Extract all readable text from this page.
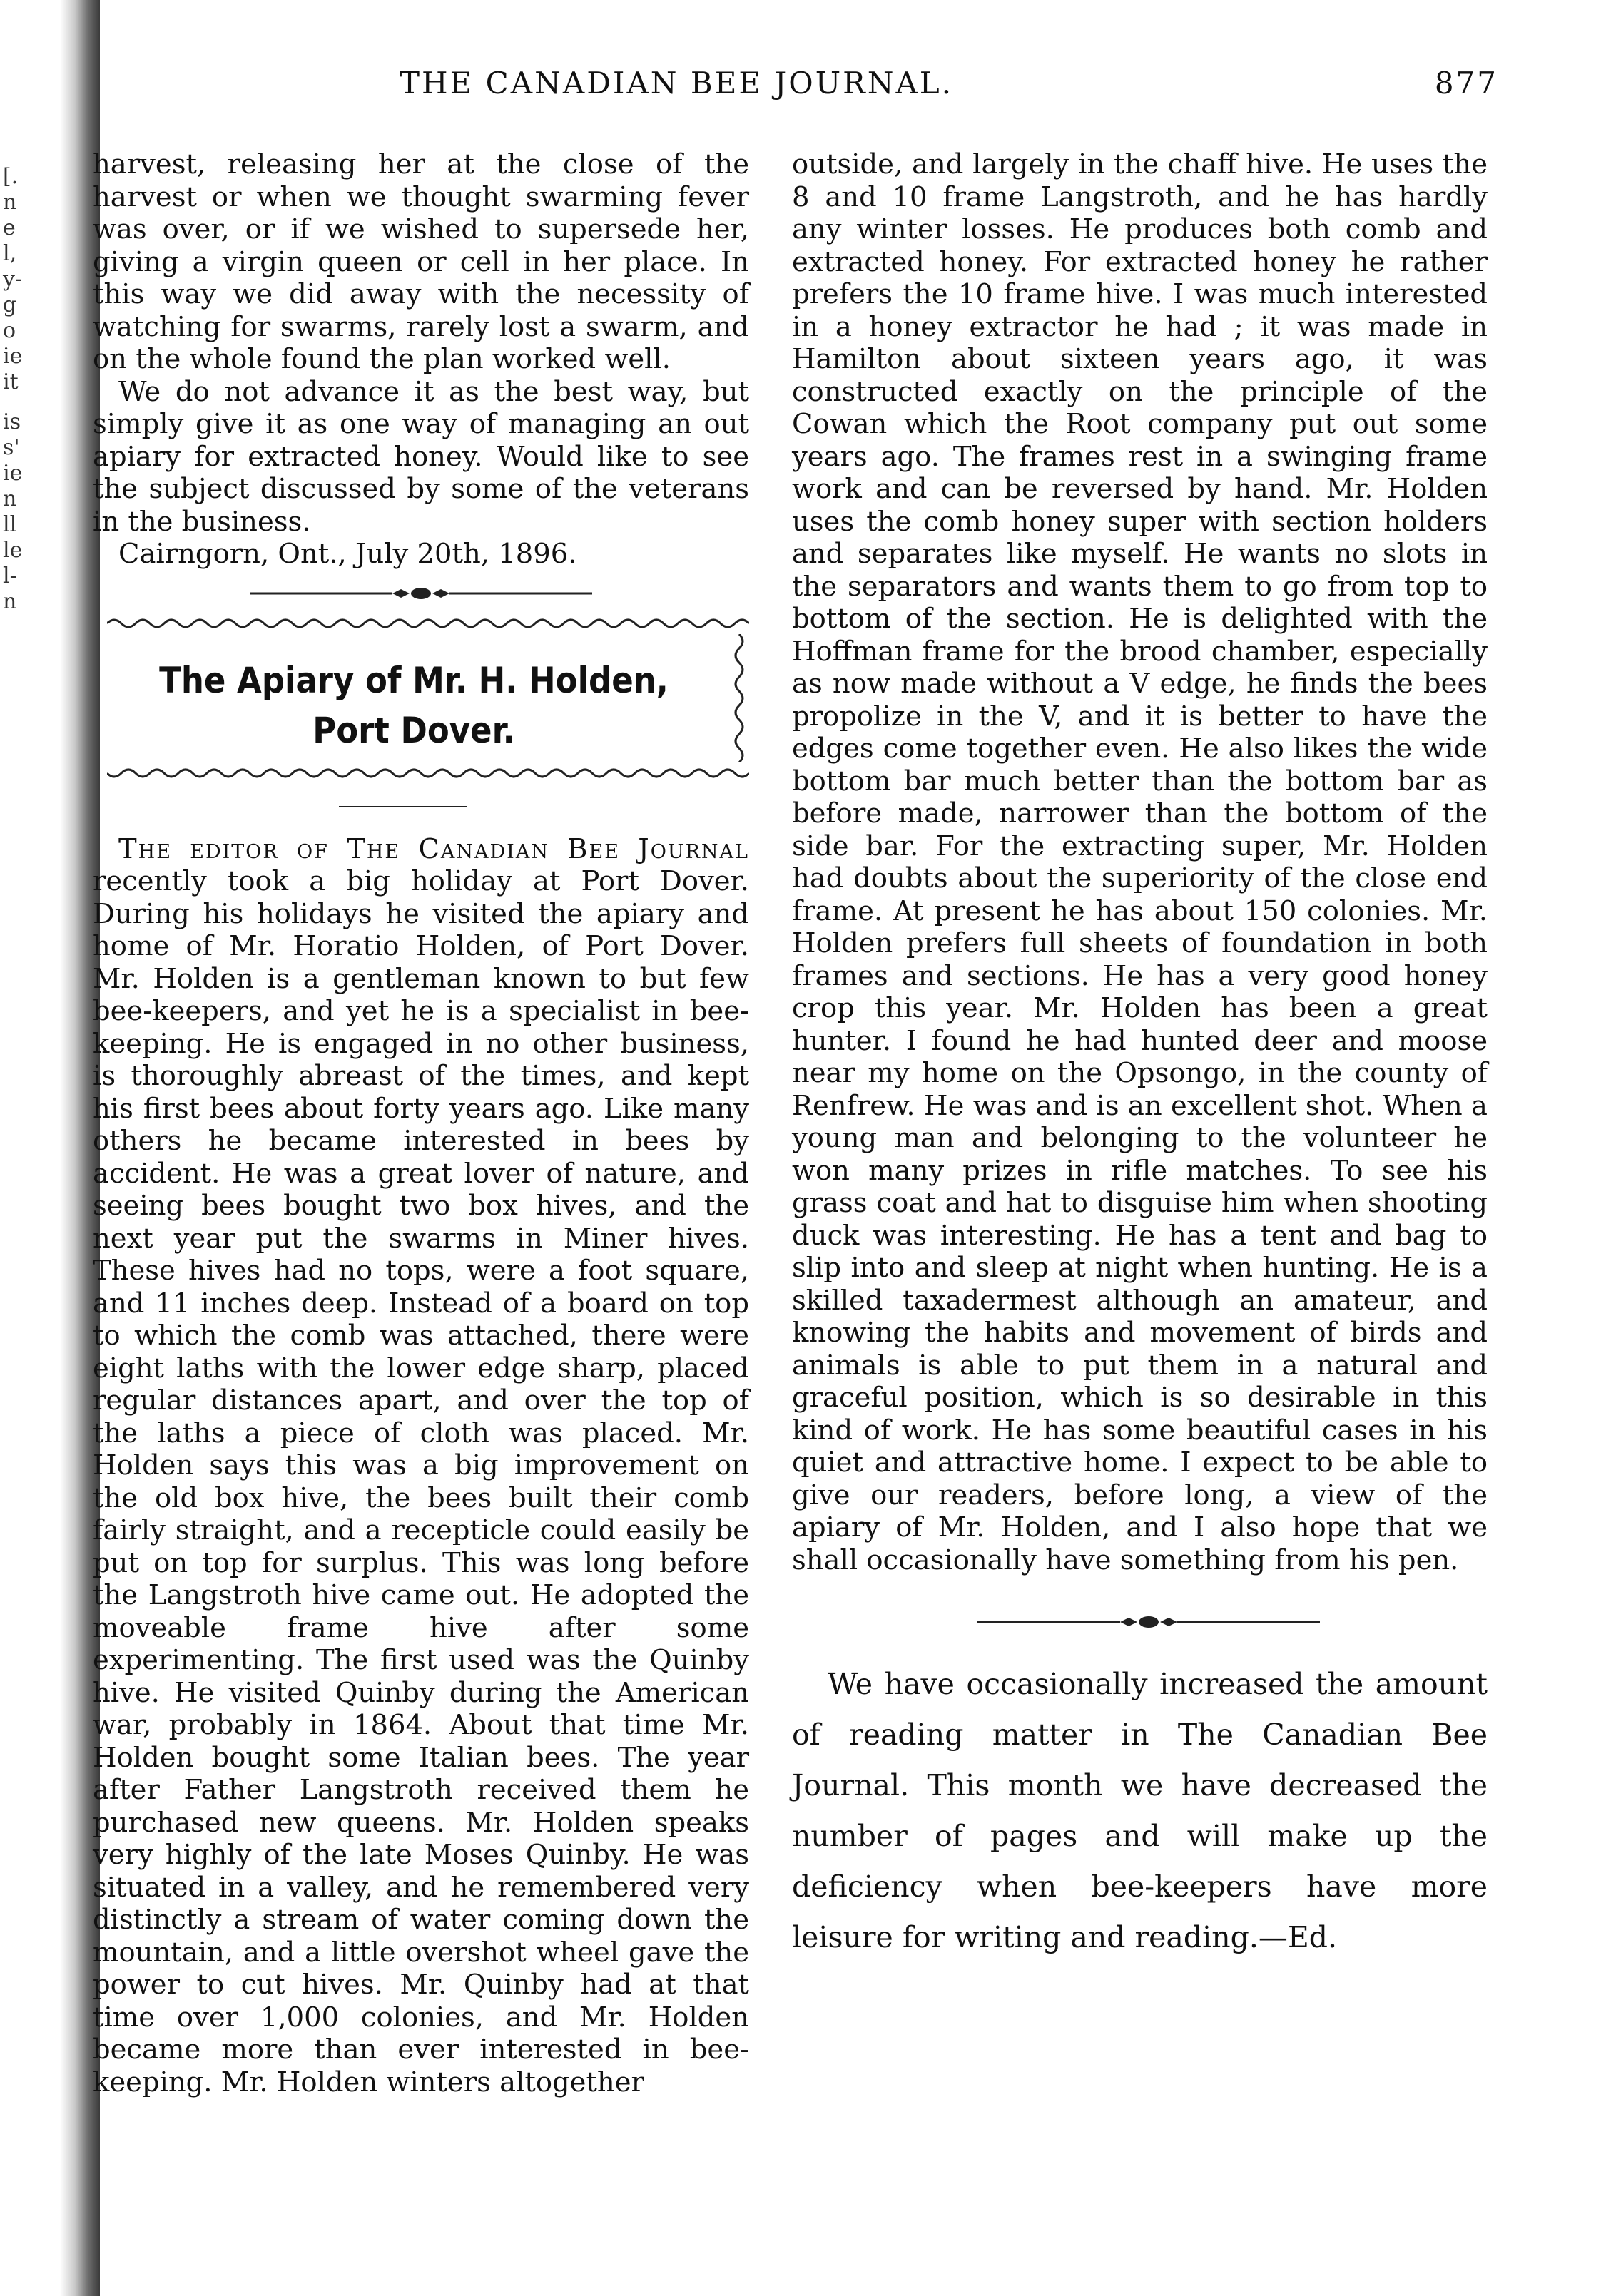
[.
n
e
l,
y-
g
o
ie
it
is
s'
ie
n
ll
le
l-
n
THE CANADIAN BEE JOURNAL.	877

harvest, releasing her at the close of the harvest or when we thought swarming fever was over, or if we wished to supersede her, giving a virgin queen or cell in her place. In this way we did away with the necessity of watching for swarms, rarely lost a swarm, and on the whole found the plan worked well.

We do not advance it as the best way, but simply give it as one way of managing an out apiary for extracted honey. Would like to see the subject discussed by some of the veterans in the business.

Cairngorn, Ont., July 20th, 1896.

The Apiary of Mr. H. Holden,
Port Dover.

The editor of The Canadian Bee Journal recently took a big holiday at Port Dover. During his holidays he visited the apiary and home of Mr. Horatio Holden, of Port Dover. Mr. Holden is a gentleman known to but few bee-keepers, and yet he is a specialist in bee-keeping. He is engaged in no other business, is thoroughly abreast of the times, and kept his first bees about forty years ago. Like many others he became interested in bees by accident. He was a great lover of nature, and seeing bees bought two box hives, and the next year put the swarms in Miner hives. These hives had no tops, were a foot square, and 11 inches deep. Instead of a board on top to which the comb was attached, there were eight laths with the lower edge sharp, placed regular distances apart, and over the top of the laths a piece of cloth was placed. Mr. Holden says this was a big improvement on the old box hive, the bees built their comb fairly straight, and a recepticle could easily be put on top for surplus. This was long before the Langstroth hive came out. He adopted the moveable frame hive after some experimenting. The first used was the Quinby hive. He visited Quinby during the American war, probably in 1864. About that time Mr. Holden bought some Italian bees. The year after Father Langstroth received them he purchased new queens. Mr. Holden speaks very highly of the late Moses Quinby. He was situated in a valley, and he remembered very distinctly a stream of water coming down the mountain, and a little overshot wheel gave the power to cut hives. Mr. Quinby had at that time over 1,000 colonies, and Mr. Holden became more than ever interested in bee-keeping. Mr. Holden winters altogether

outside, and largely in the chaff hive. He uses the 8 and 10 frame Langstroth, and he has hardly any winter losses. He produces both comb and extracted honey. For extracted honey he rather prefers the 10 frame hive. I was much interested in a honey extractor he had ; it was made in Hamilton about sixteen years ago, it was constructed exactly on the principle of the Cowan which the Root company put out some years ago. The frames rest in a swinging frame work and can be reversed by hand. Mr. Holden uses the comb honey super with section holders and separates like myself. He wants no slots in the separators and wants them to go from top to bottom of the section. He is delighted with the Hoffman frame for the brood chamber, especially as now made without a V edge, he finds the bees propolize in the V, and it is better to have the edges come together even. He also likes the wide bottom bar much better than the bottom bar as before made, narrower than the bottom of the side bar. For the extracting super, Mr. Holden had doubts about the superiority of the close end frame. At present he has about 150 colonies. Mr. Holden prefers full sheets of foundation in both frames and sections. He has a very good honey crop this year. Mr. Holden has been a great hunter. I found he had hunted deer and moose near my home on the Opsongo, in the county of Renfrew. He was and is an excellent shot. When a young man and belonging to the volunteer he won many prizes in rifle matches. To see his grass coat and hat to disguise him when shooting duck was interesting. He has a tent and bag to slip into and sleep at night when hunting. He is a skilled taxadermest although an amateur, and knowing the habits and movement of birds and animals is able to put them in a natural and graceful position, which is so desirable in this kind of work. He has some beautiful cases in his quiet and attractive home. I expect to be able to give our readers, before long, a view of the apiary of Mr. Holden, and I also hope that we shall occasionally have something from his pen.

We have occasionally increased the amount of reading matter in The Canadian Bee Journal. This month we have decreased the number of pages and will make up the deficiency when bee-keepers have more leisure for writing and reading.—Ed.
